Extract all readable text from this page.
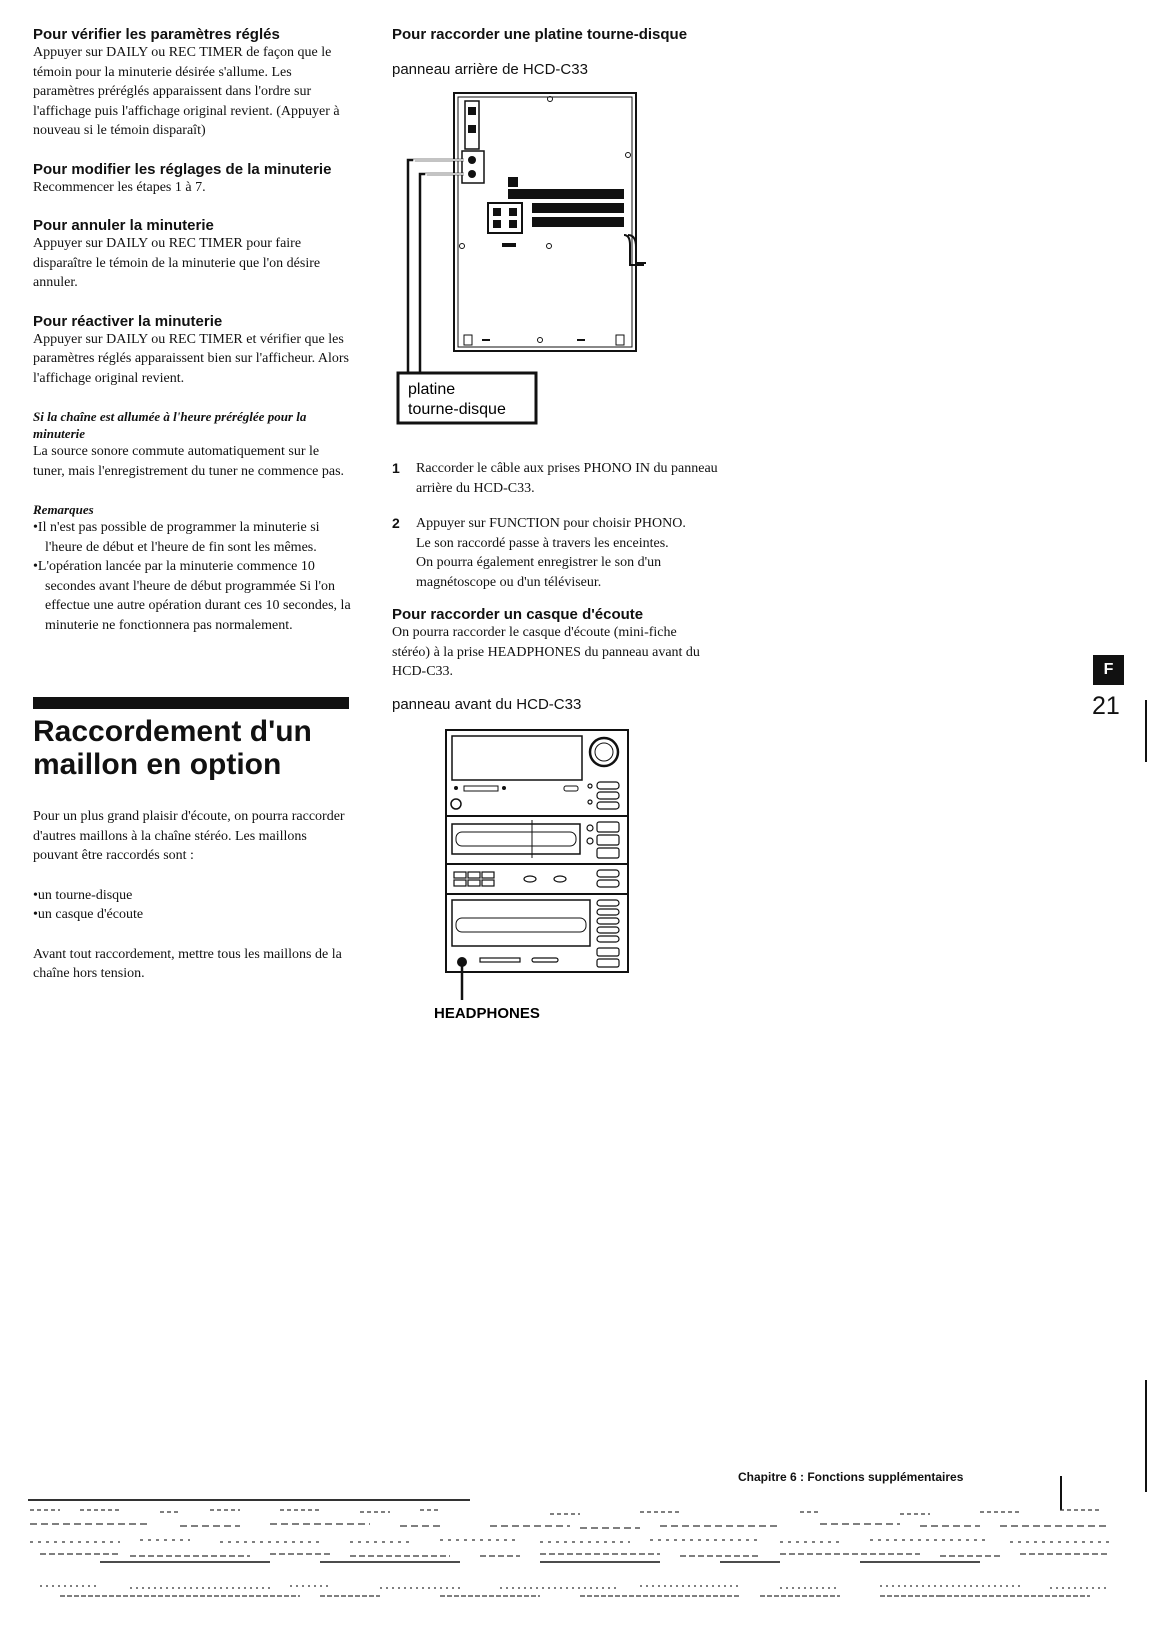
Pour vérifier les paramètres réglés

Appuyer sur DAILY ou REC TIMER de façon que le témoin pour la minuterie désirée s'allume. Les paramètres préréglés apparaissent dans l'ordre sur l'affichage puis l'affichage original revient. (Appuyer à nouveau si le témoin disparaît)

Pour modifier les réglages de la minuterie

Recommencer les étapes 1 à 7.

Pour annuler la minuterie

Appuyer sur DAILY ou REC TIMER pour faire disparaître le témoin de la minuterie que l'on désire annuler.

Pour réactiver la minuterie

Appuyer sur DAILY ou REC TIMER et vérifier que les paramètres réglés apparaissent bien sur l'afficheur. Alors l'affichage original revient.

Si la chaîne est allumée à l'heure préréglée pour la minuterie

La source sonore commute automatiquement sur le tuner, mais l'enregistrement du tuner ne commence pas.

Remarques

•Il n'est pas possible de programmer la minuterie si l'heure de début et l'heure de fin sont les mêmes.
•L'opération lancée par la minuterie commence 10 secondes avant l'heure de début programmée Si l'on effectue une autre opération durant ces 10 secondes, la minuterie ne fonctionnera pas normalement.
Raccordement d'un maillon en option

Pour un plus grand plaisir d'écoute, on pourra raccorder d'autres maillons à la chaîne stéréo. Les maillons pouvant être raccordés sont :

•un tourne-disque
•un casque d'écoute

Avant tout raccordement, mettre tous les maillons de la chaîne hors tension.

Pour raccorder une platine tourne-disque

panneau arrière de HCD-C33

platine
tourne-disque
1 Raccorder le câble aux prises PHONO IN du panneau arrière du HCD-C33.
2 Appuyer sur FUNCTION pour choisir PHONO.
Le son raccordé passe à travers les enceintes.
On pourra également enregistrer le son d'un magnétoscope ou d'un téléviseur.

Pour raccorder un casque d'écoute

On pourra raccorder le casque d'écoute (mini-fiche stéréo) à la prise HEADPHONES du panneau avant du HCD-C33.

panneau avant du HCD-C33

HEADPHONES
F
21
Chapitre 6 : Fonctions supplémentaires
